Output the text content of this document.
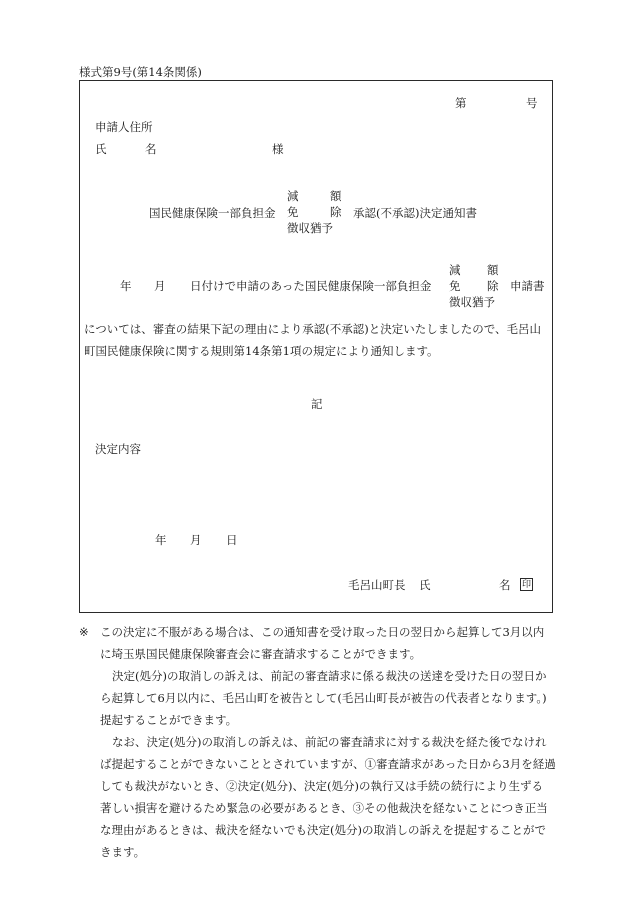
様式第9号(第14条関係)
第	号
申請人住所
氏	名	様
国民健康保険一部負担金
減
免
徴収猶予
額
除 承認(不承認)決定通知書
年 月 日付けで申請のあった国民健康保険一部負担金
減
免
徴収猶予
額
除 申請書
については、審査の結果下記の理由により承認(不承認)と決定いたしましたので、毛呂山
町国民健康保険に関する規則第14条第1項の規定により通知します。
記
決定内容
年 月 日
毛呂山町長 氏	名 印
※ この決定に不服がある場合は、この通知書を受け取った日の翌日から起算して3月以内
に埼玉県国民健康保険審査会に審査請求することができます。
決定(処分)の取消しの訴えは、前記の審査請求に係る裁決の送達を受けた日の翌日か
ら起算して6月以内に、毛呂山町を被告として(毛呂山町長が被告の代表者となります。)
提起することができます。
なお、決定(処分)の取消しの訴えは、前記の審査請求に対する裁決を経た後でなけれ
ば提起することができないこととされていますが、①審査請求があった日から3月を経過
しても裁決がないとき、②決定(処分)、決定(処分)の執行又は手続の続行により生ずる
著しい損害を避けるため緊急の必要があるとき、③その他裁決を経ないことにつき正当
な理由があるときは、裁決を経ないでも決定(処分)の取消しの訴えを提起することがで
きます。
